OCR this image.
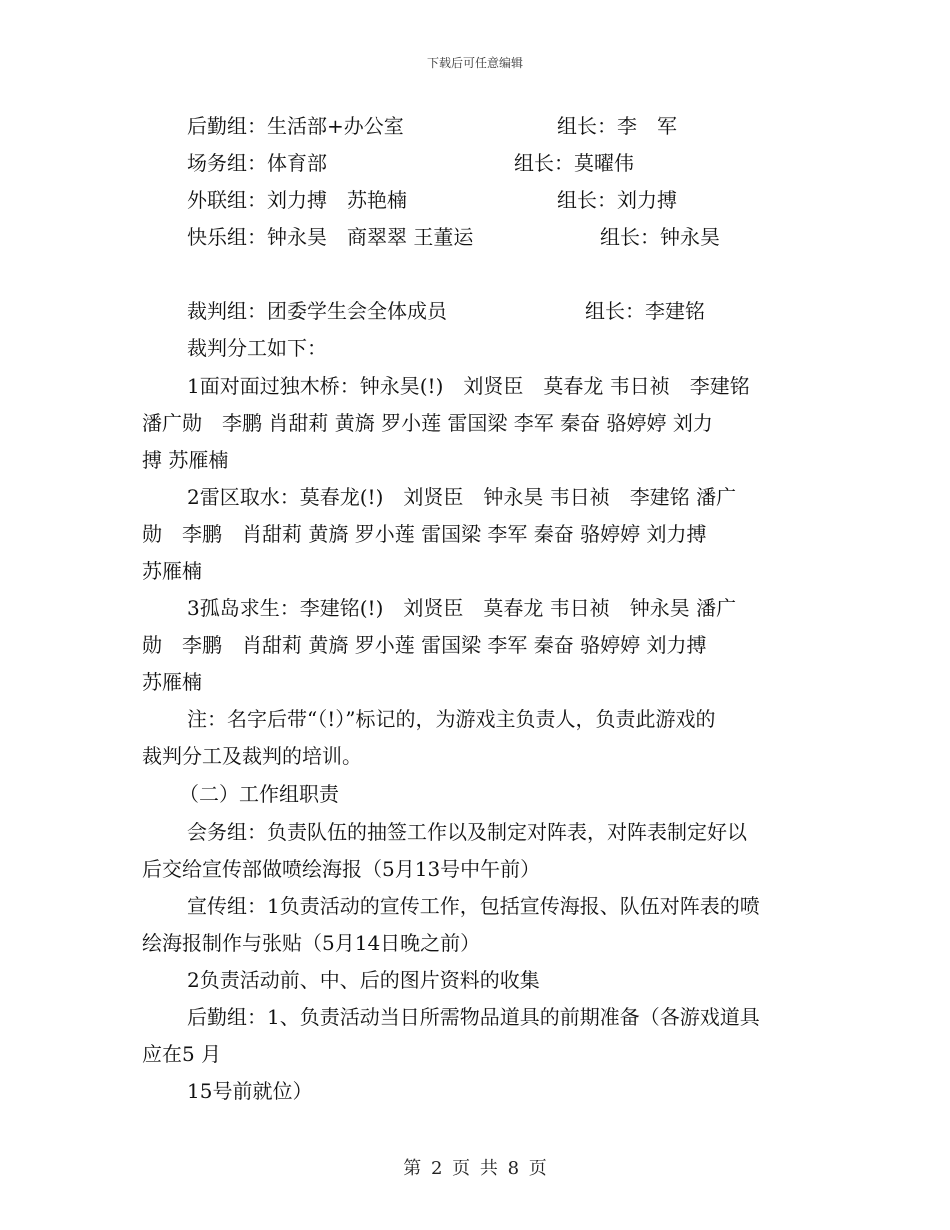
下载后可任意编辑
后勤组：生活部+办公室	组长：李　军
场务组：体育部	组长：莫曜伟
外联组：刘力搏　苏艳楠	组长：刘力搏
快乐组：钟永昊　商翠翠 王董运	组长：钟永昊
裁判组：团委学生会全体成员	组长：李建铭
裁判分工如下：
1面对面过独木桥：钟永昊(!)　刘贤臣　莫春龙 韦日祯　李建铭
潘广勋　李鹏 肖甜莉 黄旖 罗小莲 雷国梁 李军 秦奋 骆婷婷 刘力
搏 苏雁楠
2雷区取水：莫春龙(!)　刘贤臣　钟永昊 韦日祯　李建铭 潘广
勋　李鹏　肖甜莉 黄旖 罗小莲 雷国梁 李军 秦奋 骆婷婷 刘力搏
苏雁楠
3孤岛求生：李建铭(!)　刘贤臣　莫春龙 韦日祯　钟永昊 潘广
勋　李鹏　肖甜莉 黄旖 罗小莲 雷国梁 李军 秦奋 骆婷婷 刘力搏
苏雁楠
注：名字后带“（!）”标记的，为游戏主负责人，负责此游戏的
裁判分工及裁判的培训。
（二）工作组职责
会务组：负责队伍的抽签工作以及制定对阵表，对阵表制定好以
后交给宣传部做喷绘海报（5月13号中午前）
宣传组：1负责活动的宣传工作，包括宣传海报、队伍对阵表的喷
绘海报制作与张贴（5月14日晚之前）
2负责活动前、中、后的图片资料的收集
后勤组：1、负责活动当日所需物品道具的前期准备（各游戏道具
应在5 月
15号前就位）
第 2 页 共 8 页
